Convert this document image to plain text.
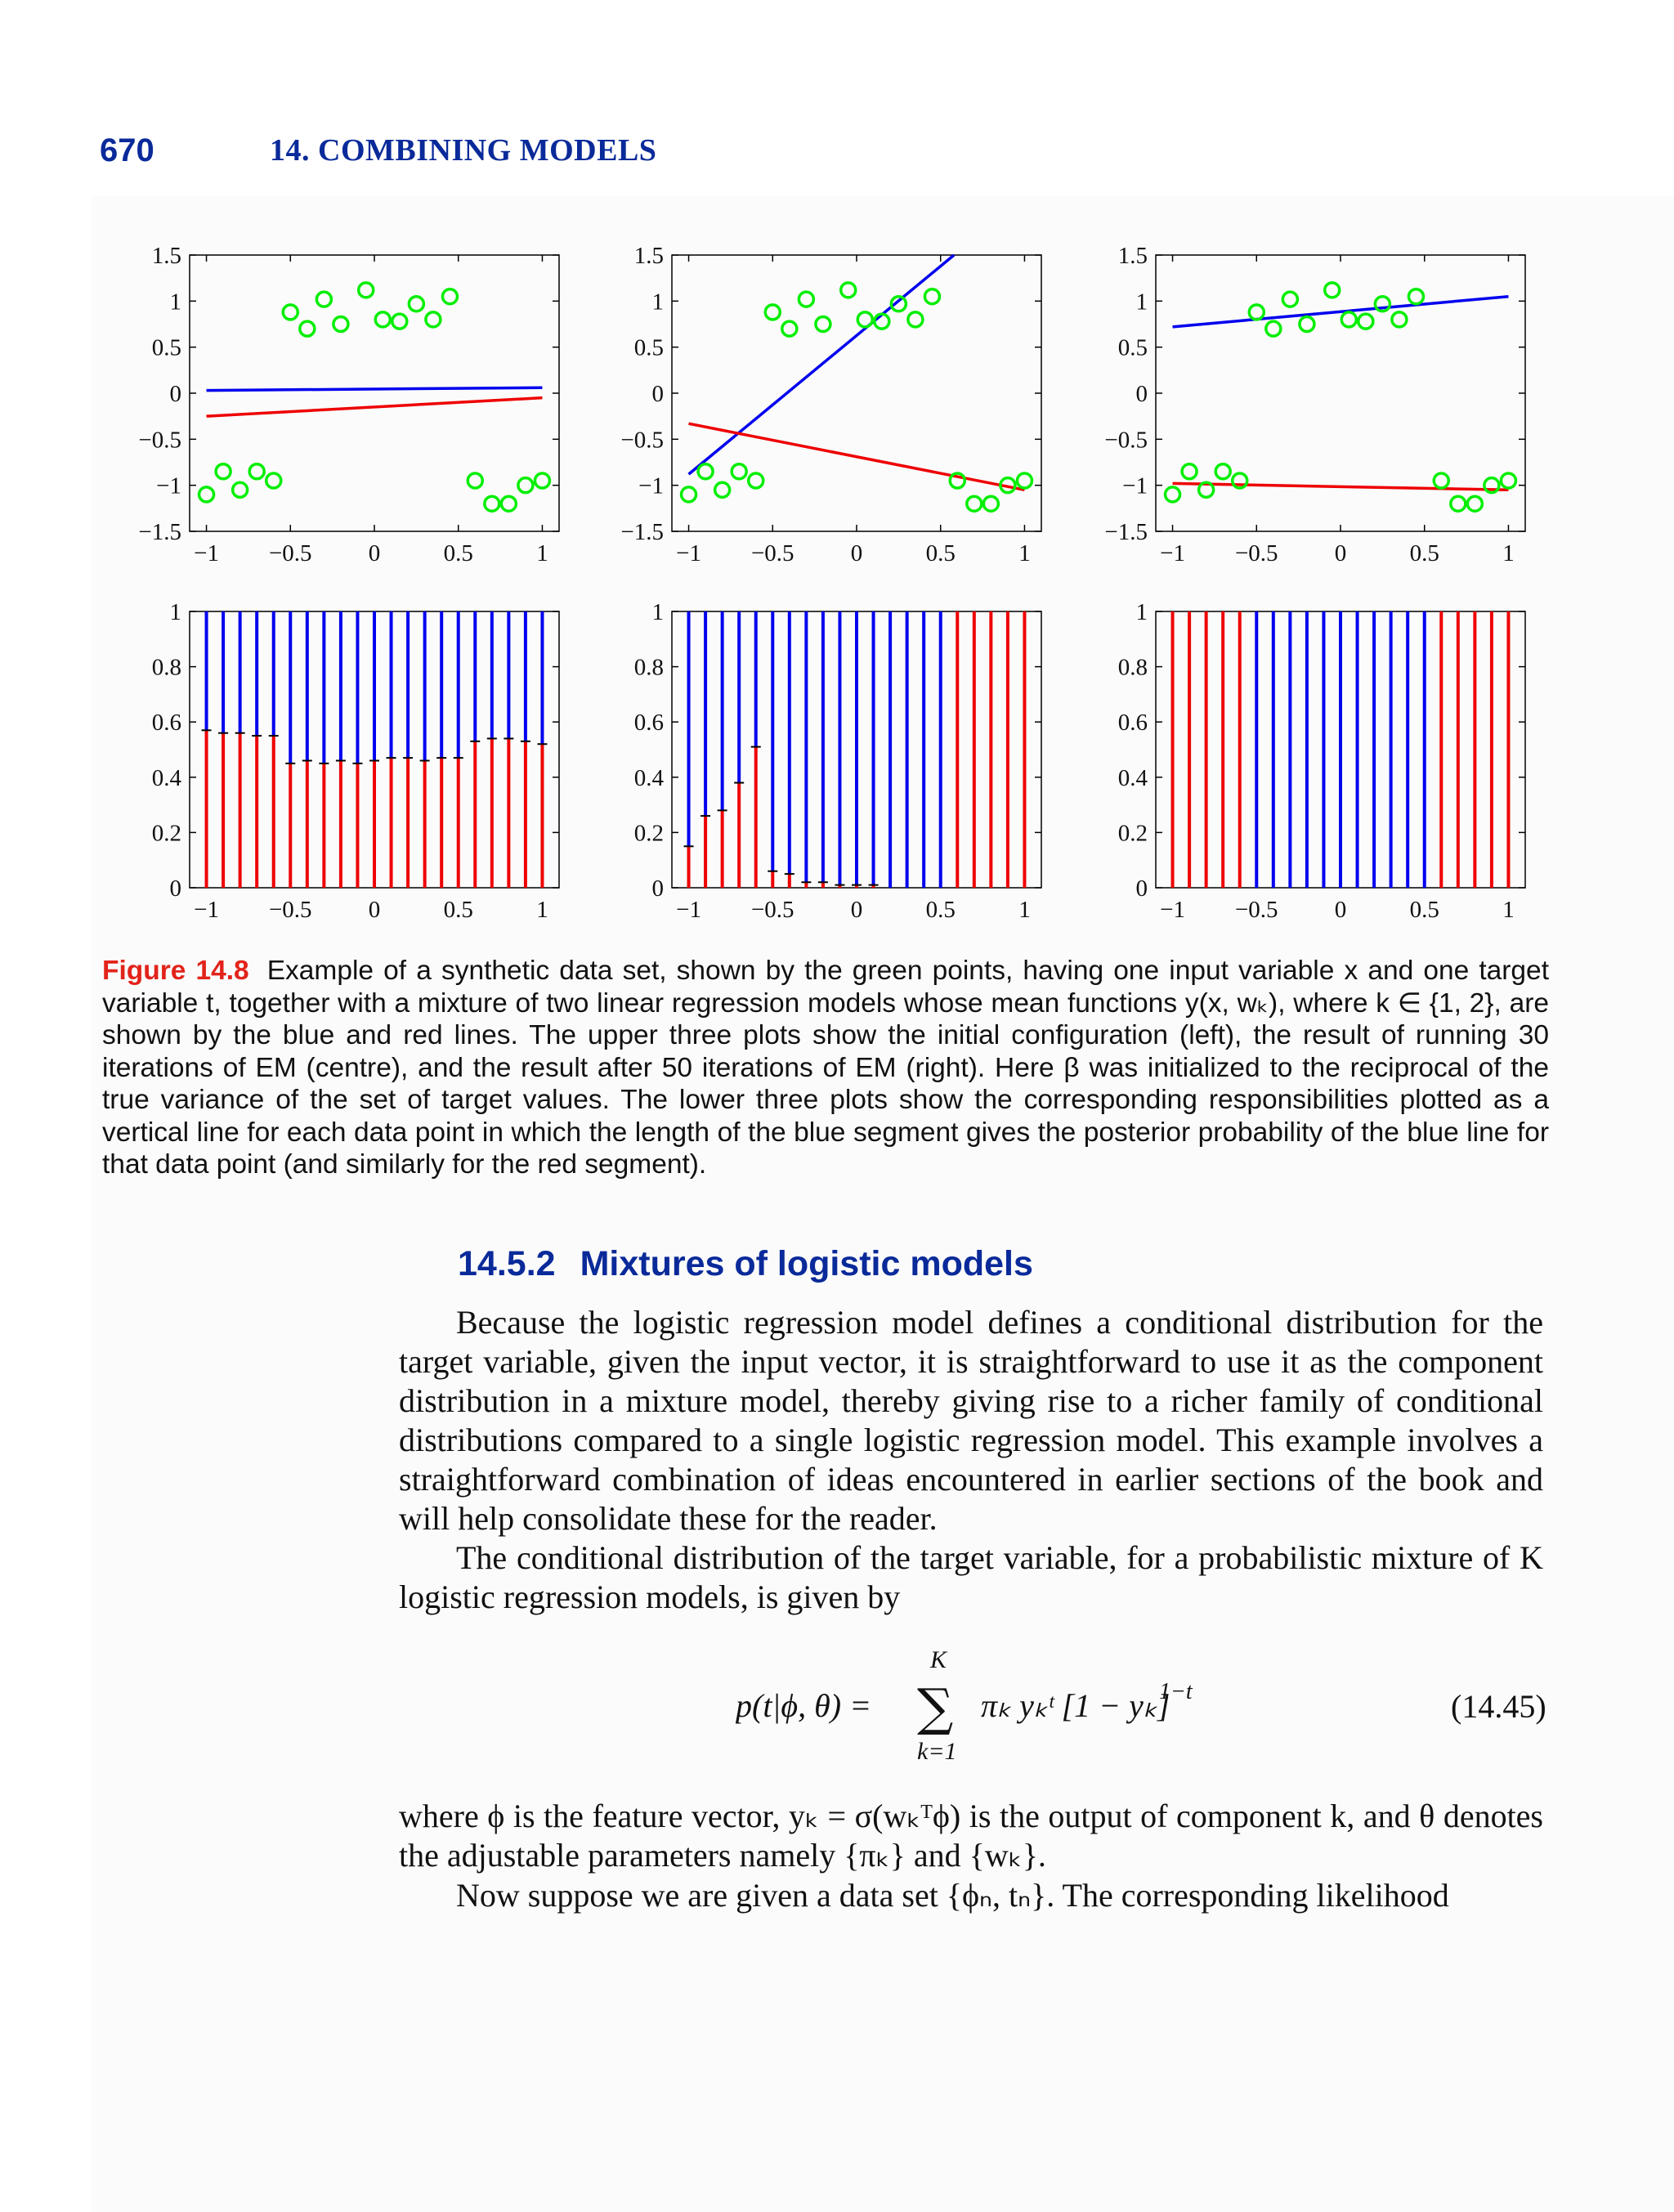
670	14. COMBINING MODELS
−1 −0.5 0	0.5	1
1.5
1
0.5
0
−0.5
−1
−1.5
−1 −0.5 0	0.5	1
1.5
1
0.5
0
−0.5
−1
−1.5
−1 −0.5 0	0.5	1
1.5
1
0.5
0
−0.5
−1
−1.5
−1 −0.5 0	0.5	1
1
0.8
0.6
0.4
0.2
0
−1 −0.5 0	0.5	1
1
0.8
0.6
0.4
0.2
0
−1 −0.5 0	0.5	1
1
0.8
0.6
0.4
0.2
0
Figure 14.8 Example of a synthetic data set, shown by the green points, having one input variable x and one target variable t, together with a mixture of two linear regression models whose mean functions y(x, wₖ), where k ∈ {1, 2}, are shown by the blue and red lines. The upper three plots show the initial configuration (left), the result of running 30 iterations of EM (centre), and the result after 50 iterations of EM (right). Here β was initialized to the reciprocal of the true variance of the set of target values. The lower three plots show the corresponding responsibilities plotted as a vertical line for each data point in which the length of the blue segment gives the posterior probability of the blue line for that data point (and similarly for the red segment).
14.5.2 Mixtures of logistic models
Because the logistic regression model defines a conditional distribution for the target variable, given the input vector, it is straightforward to use it as the component distribution in a mixture model, thereby giving rise to a richer family of conditional distributions compared to a single logistic regression model. This example involves a straightforward combination of ideas encountered in earlier sections of the book and will help consolidate these for the reader.
The conditional distribution of the target variable, for a probabilistic mixture of K logistic regression models, is given by
p(t|ϕ, θ) =
K
∑
k=1
πₖ yₖᵗ [1 − yₖ]
1−t	(14.45)
where ϕ is the feature vector, yₖ = σ(wₖᵀϕ) is the output of component k, and θ denotes the adjustable parameters namely {πₖ} and {wₖ}.
Now suppose we are given a data set {ϕₙ, tₙ}. The corresponding likelihood
